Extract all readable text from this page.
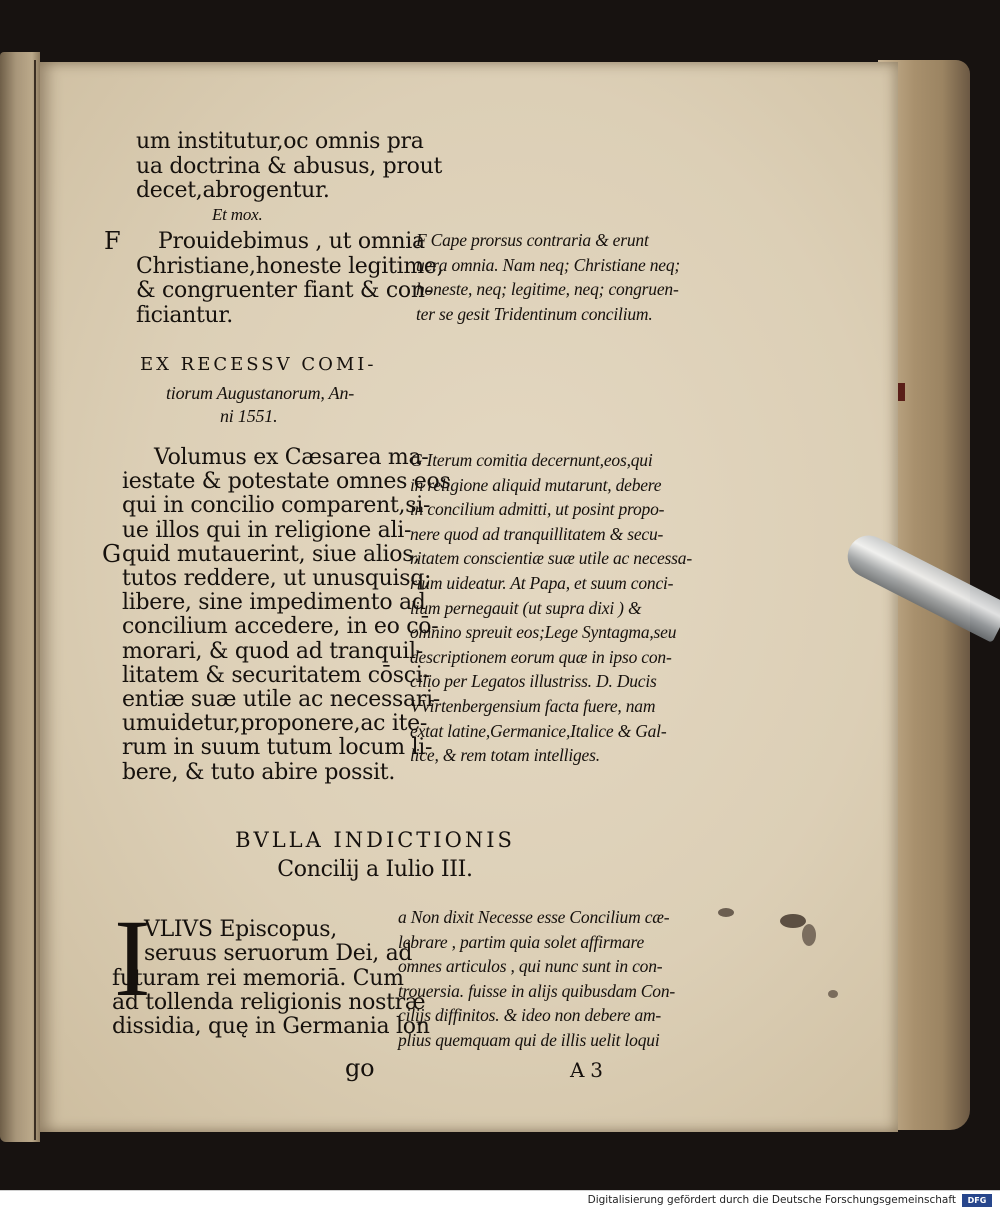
um institutur,oc omnis pra
ua doctrina & abusus, prout
decet,abrogentur.
Et mox.
F	Prouidebimus , ut omnia
Christiane,honeste legitime,
& congruenter fiant & con-
ficiantur.
F Cape prorsus contraria & erunt
uera omnia. Nam neq; Christiane neq;
honeste, neq; legitime, neq; congruen-
ter se gesit Tridentinum concilium.
EX RECESSV COMI-
tiorum Augustanorum, An-
ni 1551.
G
Volumus ex Cæsarea ma-
iestate & potestate omnes eos
qui in concilio comparent,si-
ue illos qui in religione ali-
quid mutauerint, siue alios,
tutos reddere, ut unusquisq;
libere, sine impedimento ad
concilium accedere, in eo cō-
morari, & quod ad tranquil-
litatem & securitatem cōsci-
entiæ suæ utile ac necessari-
umuidetur,proponere,ac ite-
rum in suum tutum locum li-
bere, & tuto abire possit.
G Iterum comitia decernunt,eos,qui
in religione aliquid mutarunt, debere
in concilium admitti, ut posint propo-
nere quod ad tranquillitatem & secu-
ritatem conscientiæ suæ utile ac necessa-
rium uideatur. At Papa, et suum conci-
lium pernegauit (ut supra dixi ) &
omnino spreuit eos;Lege Syntagma,seu
descriptionem eorum quæ in ipso con-
cilio per Legatos illustriss. D. Ducis
VVirtenbergensium facta fuere, nam
extat latine,Germanice,Italice & Gal-
lice, & rem totam intelliges.
BVLLA INDICTIONIS
Concilij a Iulio III.
I
VLIVS Episcopus,
seruus seruorum Dei, ad
futuram rei memoriā. Cum
ad tollenda religionis nostræ
dissidia, quę in Germania lon
a Non dixit Necesse esse Concilium cæ-
lebrare , partim quia solet affirmare
omnes articulos , qui nunc sunt in con-
trouersia. fuisse in alijs quibusdam Con-
cilijs diffinitos. & ideo non debere am-
plius quemquam qui de illis uelit loqui
go	A 3
Digitalisierung gefördert durch die Deutsche Forschungsgemeinschaft	DFG
